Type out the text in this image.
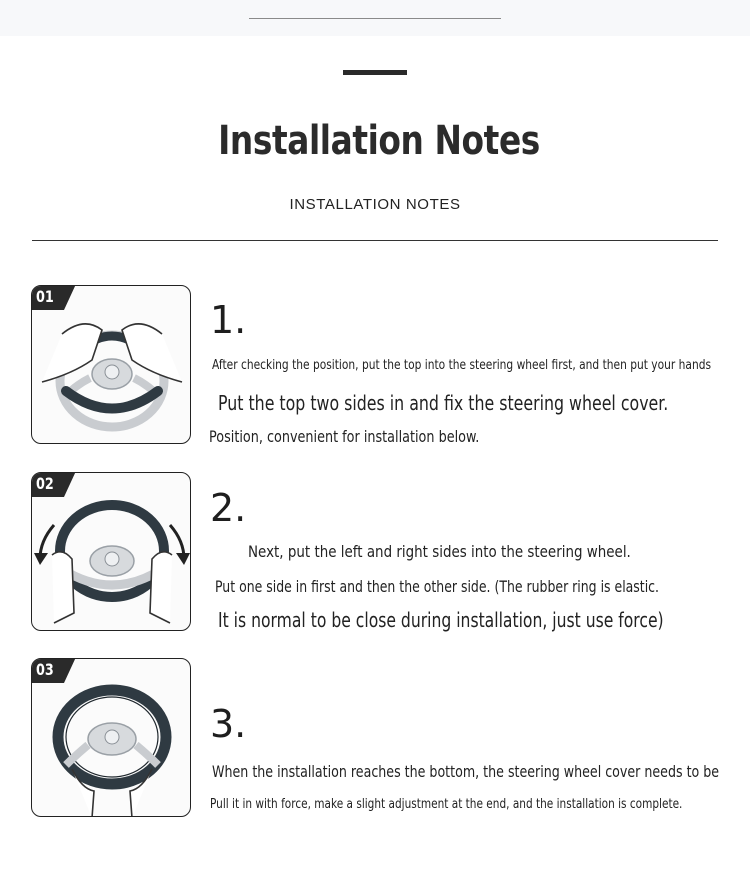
Installation Notes
INSTALLATION NOTES
01
1.
After checking the position, put the top into the steering wheel first, and then put your hands
Put the top two sides in and fix the steering wheel cover.
Position, convenient for installation below.
02
2.
Next, put the left and right sides into the steering wheel.
Put one side in first and then the other side. (The rubber ring is elastic.
It is normal to be close during installation, just use force)
03
3.
When the installation reaches the bottom, the steering wheel cover needs to be
Pull it in with force, make a slight adjustment at the end, and the installation is complete.
